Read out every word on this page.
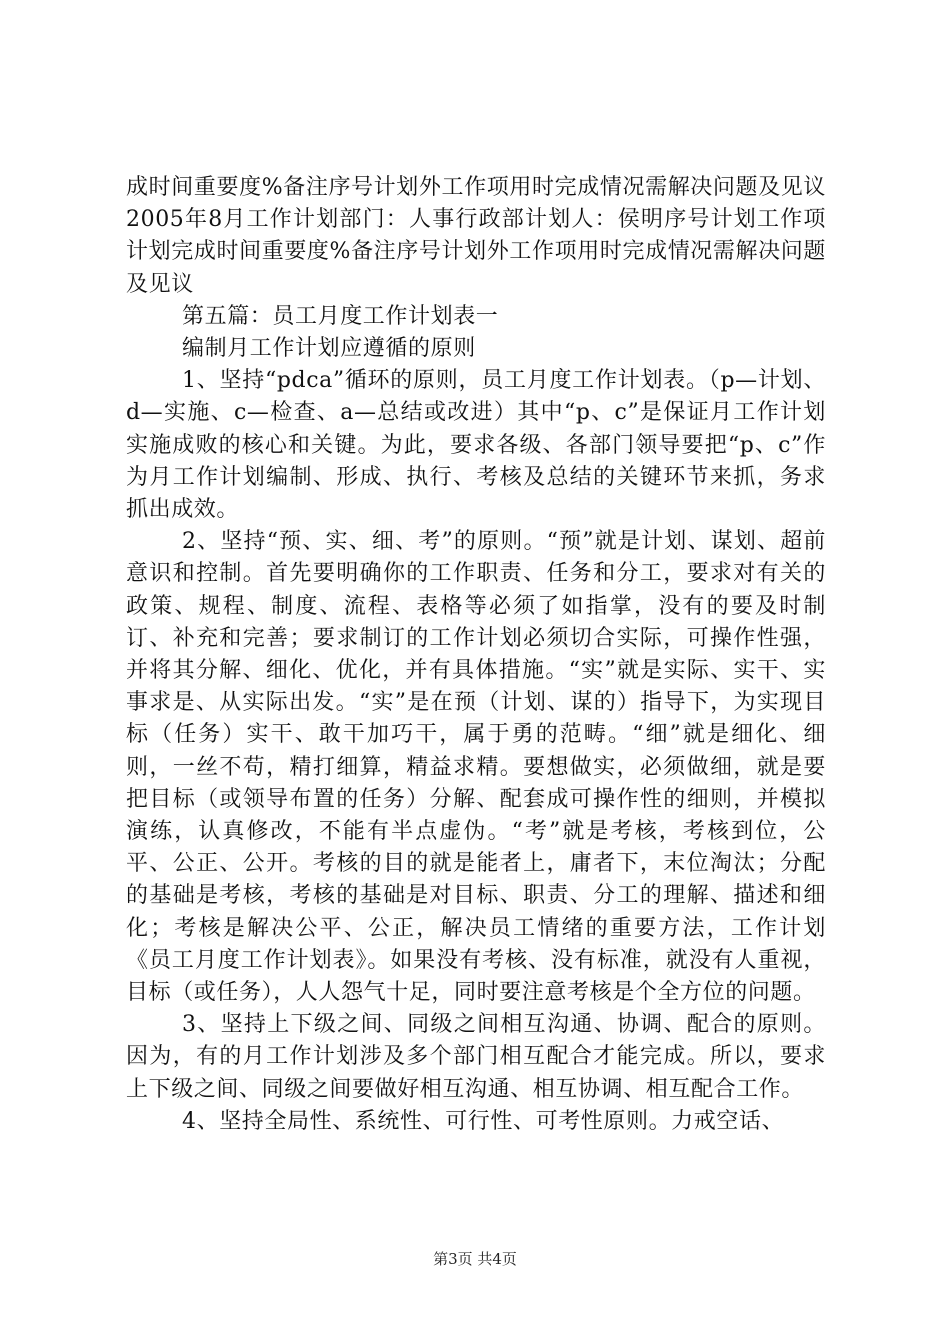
成时间重要度%备注序号计划外工作项用时完成情况需解决问题及见议2005年8月工作计划部门：人事行政部计划人：侯明序号计划工作项计划完成时间重要度%备注序号计划外工作项用时完成情况需解决问题及见议

第五篇：员工月度工作计划表一

编制月工作计划应遵循的原则

1、坚持“pdca”循环的原则，员工月度工作计划表。（p—计划、d—实施、c—检查、a—总结或改进）其中“p、c”是保证月工作计划实施成败的核心和关键。为此，要求各级、各部门领导要把“p、c”作为月工作计划编制、形成、执行、考核及总结的关键环节来抓，务求抓出成效。

2、坚持“预、实、细、考”的原则。“预”就是计划、谋划、超前意识和控制。首先要明确你的工作职责、任务和分工，要求对有关的政策、规程、制度、流程、表格等必须了如指掌，没有的要及时制订、补充和完善；要求制订的工作计划必须切合实际，可操作性强，并将其分解、细化、优化，并有具体措施。“实”就是实际、实干、实事求是、从实际出发。“实”是在预（计划、谋的）指导下，为实现目标（任务）实干、敢干加巧干，属于勇的范畴。“细”就是细化、细则，一丝不苟，精打细算，精益求精。要想做实，必须做细，就是要把目标（或领导布置的任务）分解、配套成可操作性的细则，并模拟演练，认真修改，不能有半点虚伪。“考”就是考核，考核到位，公平、公正、公开。考核的目的就是能者上，庸者下，末位淘汰；分配的基础是考核，考核的基础是对目标、职责、分工的理解、描述和细化；考核是解决公平、公正，解决员工情绪的重要方法，工作计划《员工月度工作计划表》。如果没有考核、没有标准，就没有人重视，目标（或任务），人人怨气十足，同时要注意考核是个全方位的问题。

3、坚持上下级之间、同级之间相互沟通、协调、配合的原则。因为，有的月工作计划涉及多个部门相互配合才能完成。所以，要求上下级之间、同级之间要做好相互沟通、相互协调、相互配合工作。

4、坚持全局性、系统性、可行性、可考性原则。力戒空话、

第3页 共4页
